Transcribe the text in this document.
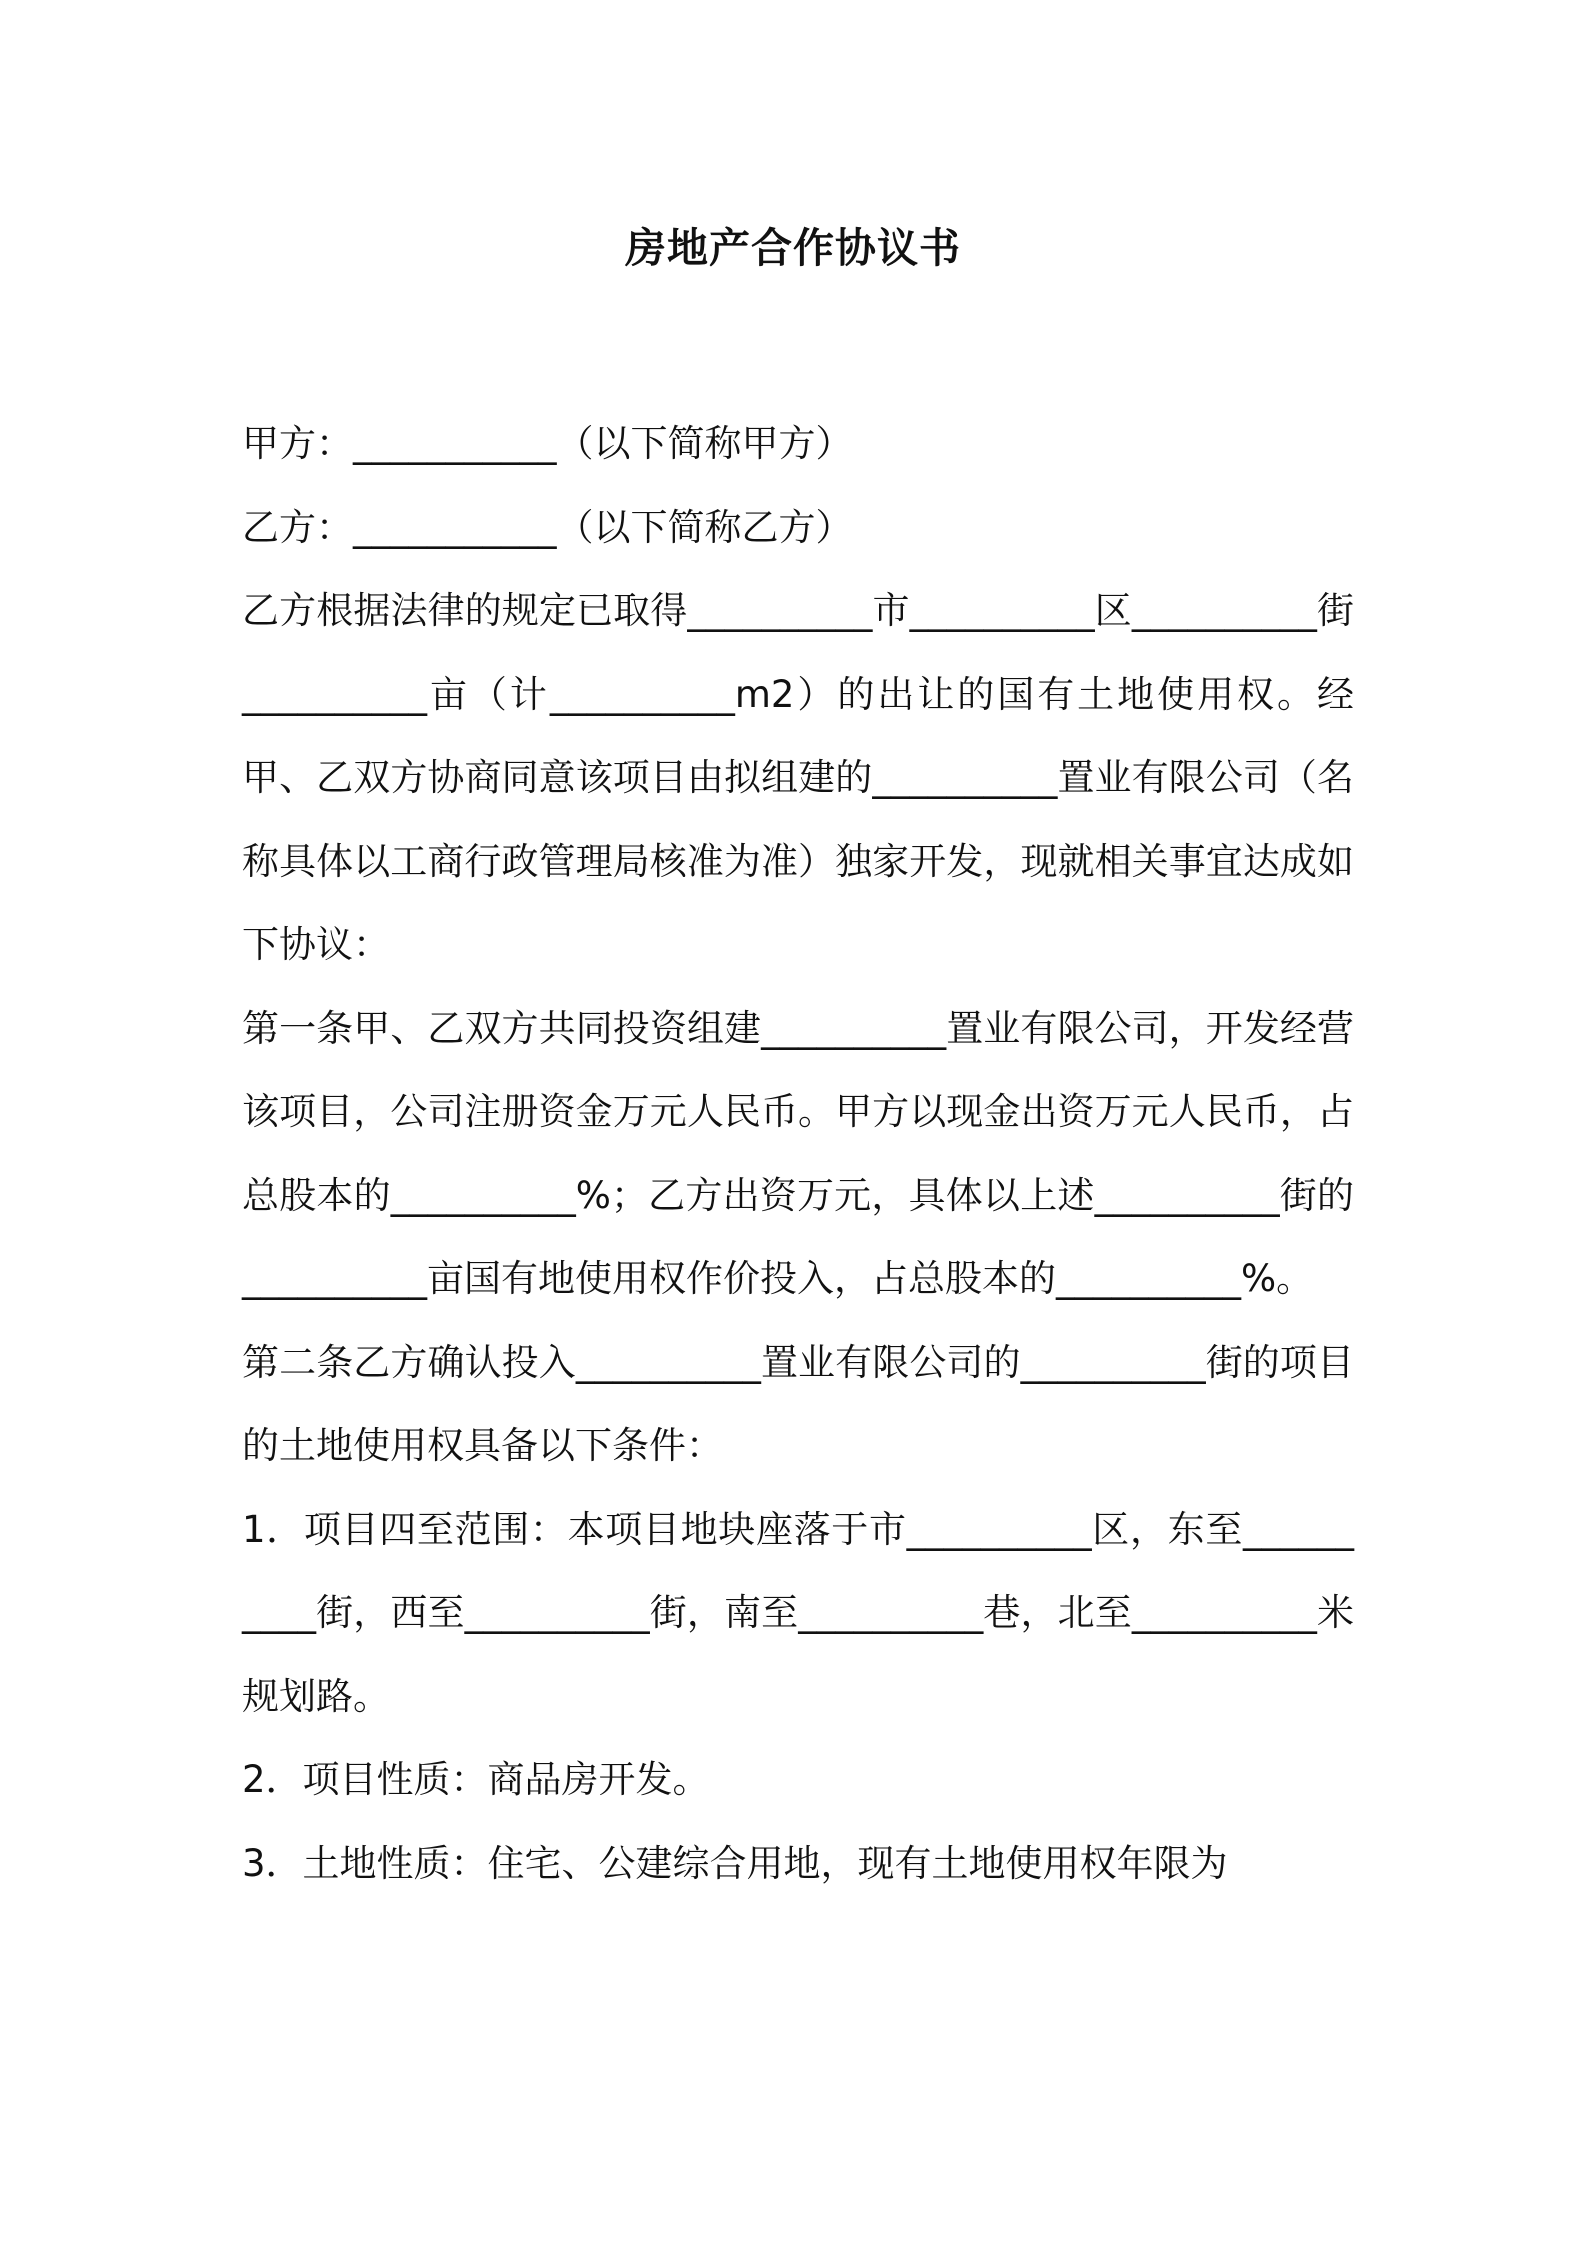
房地产合作协议书

甲方：___________（以下简称甲方）

乙方：___________（以下简称乙方）

乙方根据法律的规定已取得__________市__________区__________街__________亩（计__________m2）的出让的国有土地使用权。经甲、乙双方协商同意该项目由拟组建的__________置业有限公司（名称具体以工商行政管理局核准为准）独家开发，现就相关事宜达成如下协议：

第一条甲、乙双方共同投资组建__________置业有限公司，开发经营该项目，公司注册资金万元人民币。甲方以现金出资万元人民币，占总股本的__________%；乙方出资万元，具体以上述__________街的__________亩国有地使用权作价投入，占总股本的__________%。

第二条乙方确认投入__________置业有限公司的__________街的项目的土地使用权具备以下条件：

1．项目四至范围：本项目地块座落于市__________区，东至__________街，西至__________街，南至__________巷，北至__________米规划路。

2．项目性质：商品房开发。

3．土地性质：住宅、公建综合用地，现有土地使用权年限为
